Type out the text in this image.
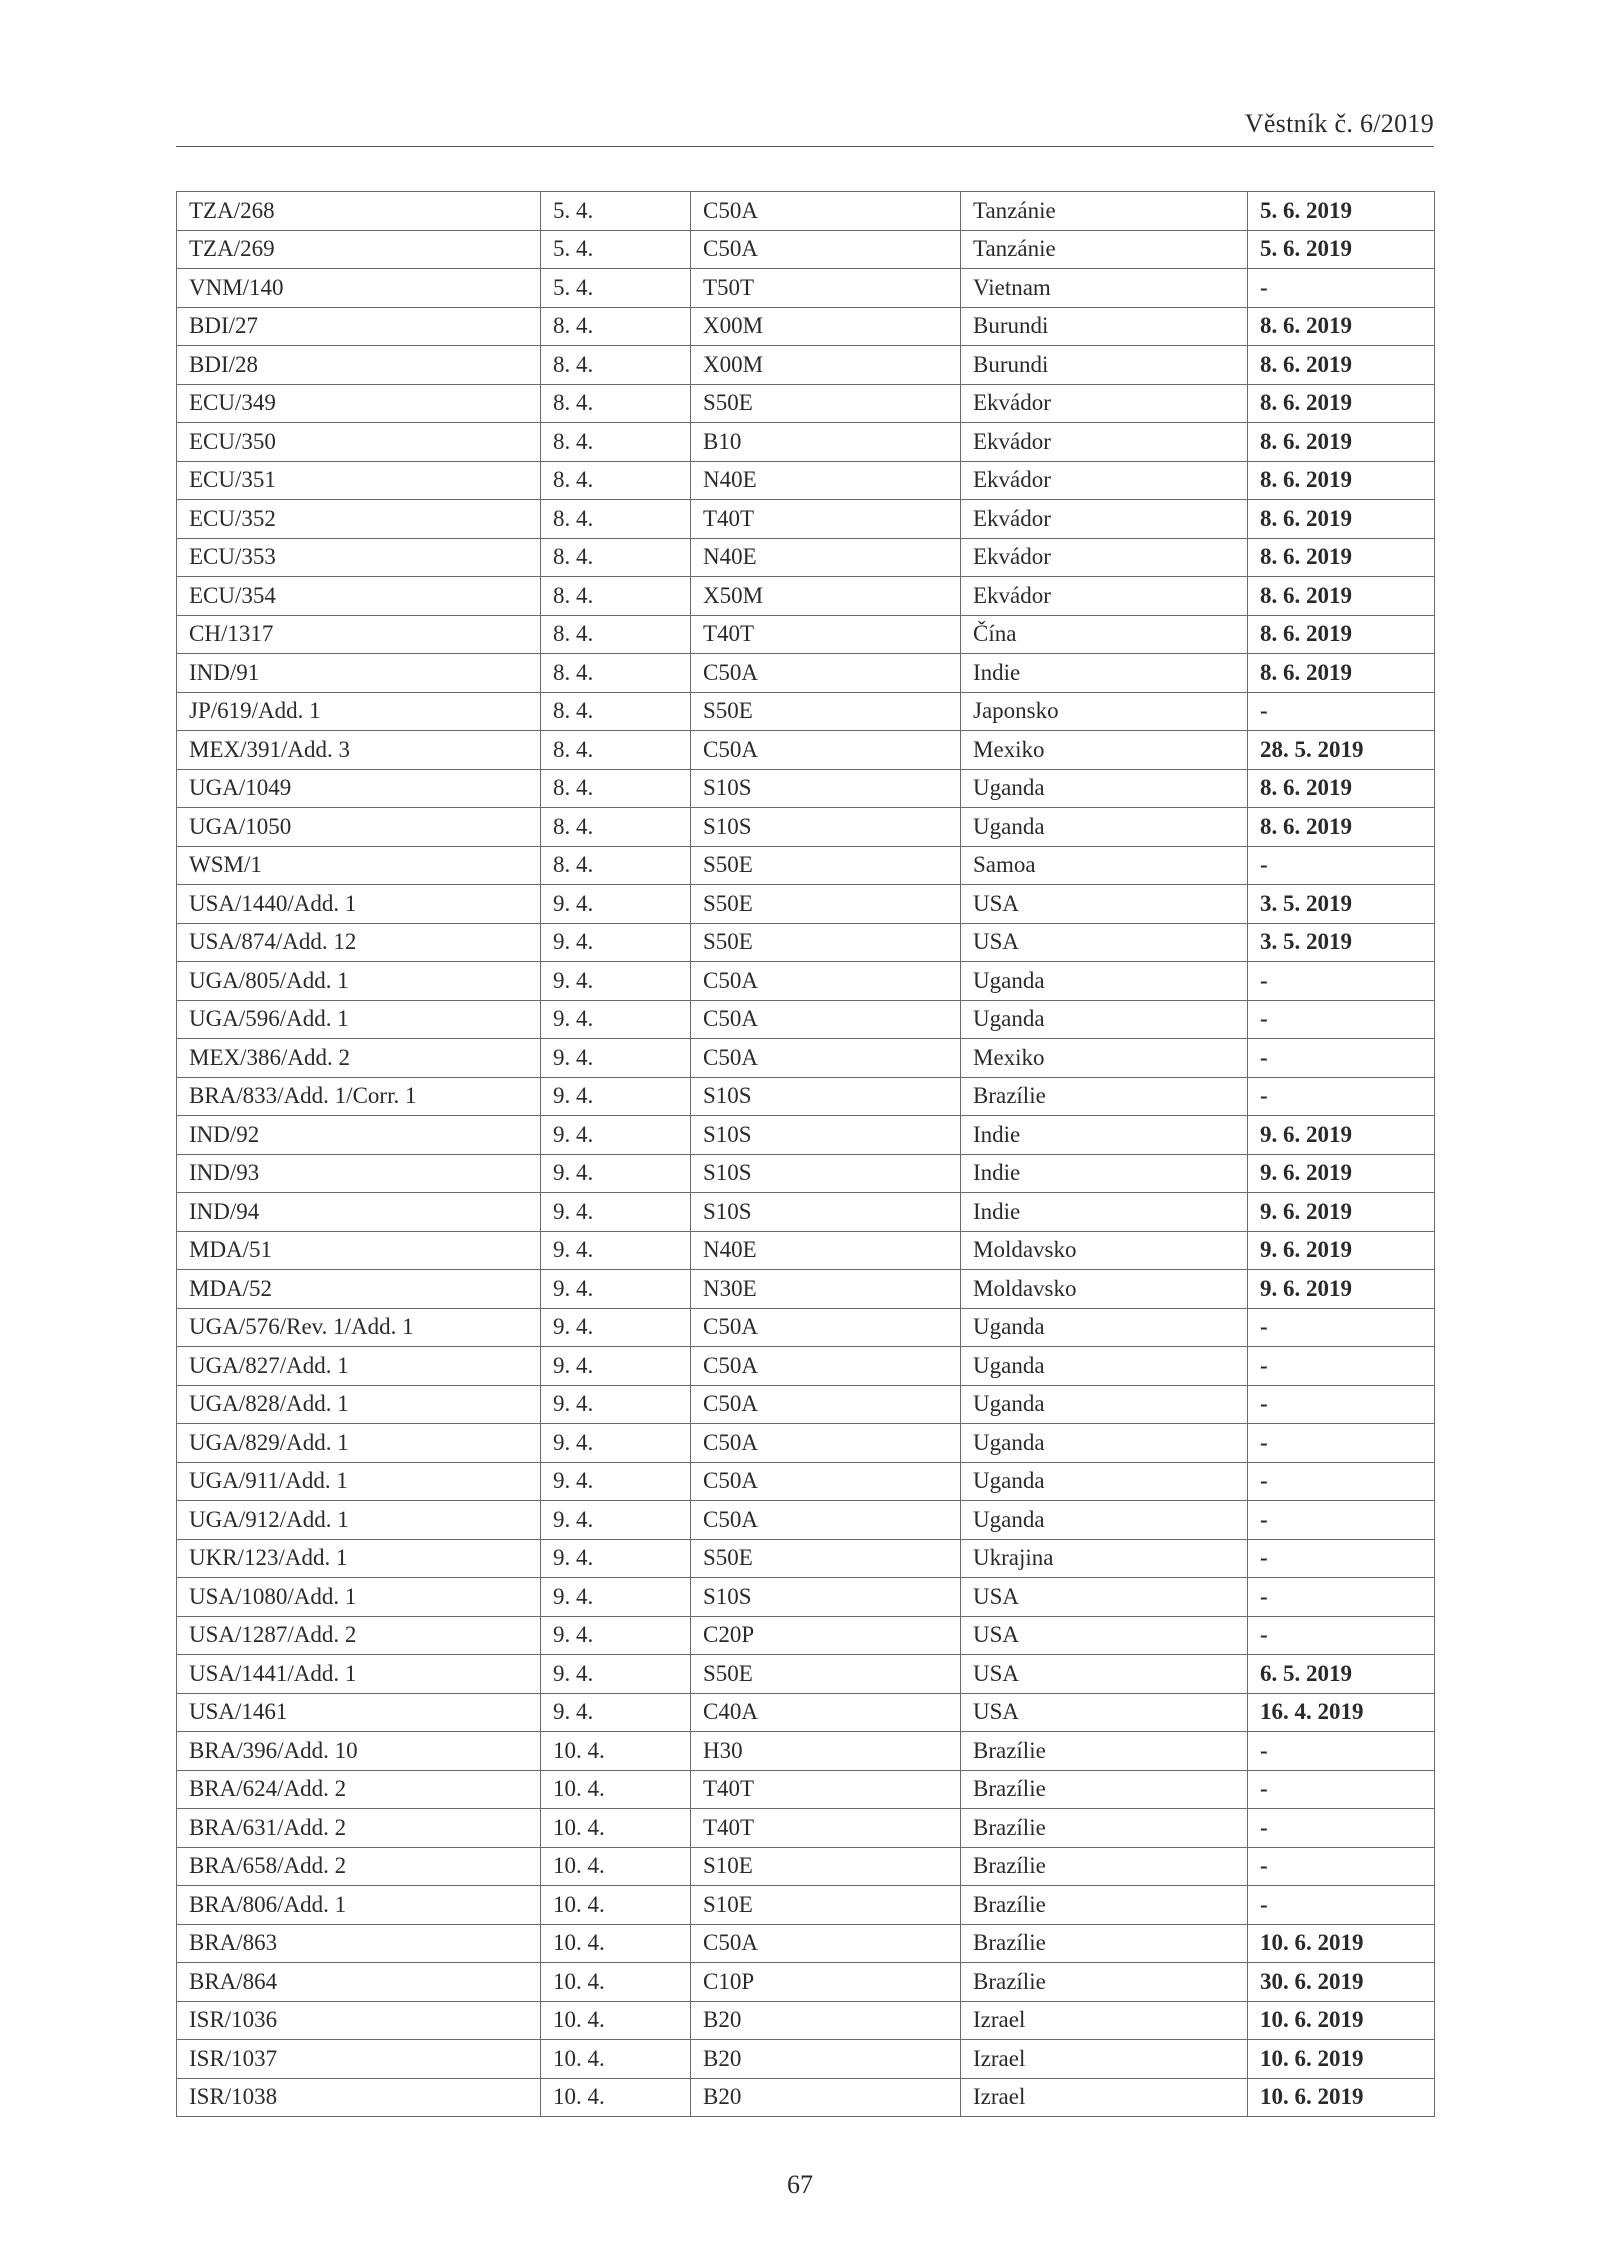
Věstník č. 6/2019
TZA/268	5. 4.	C50A	Tanzánie	5. 6. 2019
TZA/269	5. 4.	C50A	Tanzánie	5. 6. 2019
VNM/140	5. 4.	T50T	Vietnam	-
BDI/27	8. 4.	X00M	Burundi	8. 6. 2019
BDI/28	8. 4.	X00M	Burundi	8. 6. 2019
ECU/349	8. 4.	S50E	Ekvádor	8. 6. 2019
ECU/350	8. 4.	B10	Ekvádor	8. 6. 2019
ECU/351	8. 4.	N40E	Ekvádor	8. 6. 2019
ECU/352	8. 4.	T40T	Ekvádor	8. 6. 2019
ECU/353	8. 4.	N40E	Ekvádor	8. 6. 2019
ECU/354	8. 4.	X50M	Ekvádor	8. 6. 2019
CH/1317	8. 4.	T40T	Čína	8. 6. 2019
IND/91	8. 4.	C50A	Indie	8. 6. 2019
JP/619/Add. 1	8. 4.	S50E	Japonsko	-
MEX/391/Add. 3	8. 4.	C50A	Mexiko	28. 5. 2019
UGA/1049	8. 4.	S10S	Uganda	8. 6. 2019
UGA/1050	8. 4.	S10S	Uganda	8. 6. 2019
WSM/1	8. 4.	S50E	Samoa	-
USA/1440/Add. 1	9. 4.	S50E	USA	3. 5. 2019
USA/874/Add. 12	9. 4.	S50E	USA	3. 5. 2019
UGA/805/Add. 1	9. 4.	C50A	Uganda	-
UGA/596/Add. 1	9. 4.	C50A	Uganda	-
MEX/386/Add. 2	9. 4.	C50A	Mexiko	-
BRA/833/Add. 1/Corr. 1	9. 4.	S10S	Brazílie	-
IND/92	9. 4.	S10S	Indie	9. 6. 2019
IND/93	9. 4.	S10S	Indie	9. 6. 2019
IND/94	9. 4.	S10S	Indie	9. 6. 2019
MDA/51	9. 4.	N40E	Moldavsko	9. 6. 2019
MDA/52	9. 4.	N30E	Moldavsko	9. 6. 2019
UGA/576/Rev. 1/Add. 1	9. 4.	C50A	Uganda	-
UGA/827/Add. 1	9. 4.	C50A	Uganda	-
UGA/828/Add. 1	9. 4.	C50A	Uganda	-
UGA/829/Add. 1	9. 4.	C50A	Uganda	-
UGA/911/Add. 1	9. 4.	C50A	Uganda	-
UGA/912/Add. 1	9. 4.	C50A	Uganda	-
UKR/123/Add. 1	9. 4.	S50E	Ukrajina	-
USA/1080/Add. 1	9. 4.	S10S	USA	-
USA/1287/Add. 2	9. 4.	C20P	USA	-
USA/1441/Add. 1	9. 4.	S50E	USA	6. 5. 2019
USA/1461	9. 4.	C40A	USA	16. 4. 2019
BRA/396/Add. 10	10. 4.	H30	Brazílie	-
BRA/624/Add. 2	10. 4.	T40T	Brazílie	-
BRA/631/Add. 2	10. 4.	T40T	Brazílie	-
BRA/658/Add. 2	10. 4.	S10E	Brazílie	-
BRA/806/Add. 1	10. 4.	S10E	Brazílie	-
BRA/863	10. 4.	C50A	Brazílie	10. 6. 2019
BRA/864	10. 4.	C10P	Brazílie	30. 6. 2019
ISR/1036	10. 4.	B20	Izrael	10. 6. 2019
ISR/1037	10. 4.	B20	Izrael	10. 6. 2019
ISR/1038	10. 4.	B20	Izrael	10. 6. 2019
67
